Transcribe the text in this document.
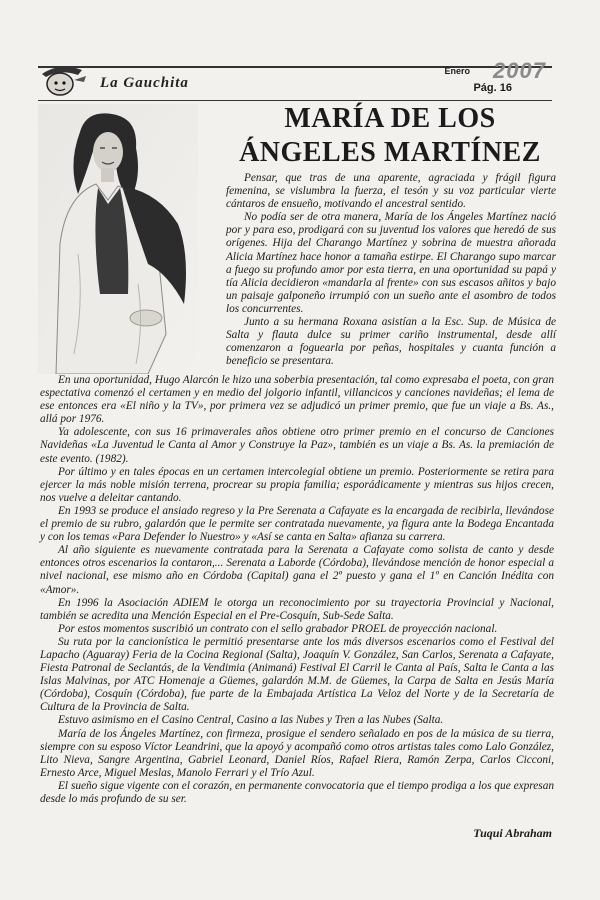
La Gauchita
Enero 2007
Pág. 16
MARÍA DE LOS
ÁNGELES MARTÍNEZ

Pensar, que tras de una aparente, agraciada y frágil figura femenina, se vislumbra la fuerza, el tesón y su voz particular vierte cántaros de ensueño, motivando el ancestral sentido.

No podía ser de otra manera, María de los Ángeles Martínez nació por y para eso, prodigará con su juventud los valores que heredó de sus orígenes. Hija del Charango Martínez y sobrina de muestra añorada Alicia Martínez hace honor a tamaña estirpe. El Charango supo marcar a fuego su profundo amor por esta tierra, en una oportunidad su papá y tía Alicia decidieron «mandarla al frente» con sus escasos añitos y bajo un paisaje galponeño irrumpió con un sueño ante el asombro de todos los concurrentes.

Junto a su hermana Roxana asistían a la Esc. Sup. de Música de Salta y flauta dulce su primer cariño instrumental, desde allí comenzaron a foguearla por peñas, hospitales y cuanta función a beneficio se presentara.

En una oportunidad, Hugo Alarcón le hizo una soberbia presentación, tal como expresaba el poeta, con gran espectativa comenzó el certamen y en medio del jolgorio infantil, villancicos y canciones navideñas; el lema de ese entonces era «El niño y la TV», por primera vez se adjudicó un primer premio, que fue un viaje a Bs. As., allá por 1976.

Ya adolescente, con sus 16 primaverales años obtiene otro primer premio en el concurso de Canciones Navideñas «La Juventud le Canta al Amor y Construye la Paz», también es un viaje a Bs. As. la premiación de este evento. (1982).

Por último y en tales épocas en un certamen intercolegial obtiene un premio. Posteriormente se retira para ejercer la más noble misión terrena, procrear su propia familia; esporádicamente y mientras sus hijos crecen, nos vuelve a deleitar cantando.

En 1993 se produce el ansiado regreso y la Pre Serenata a Cafayate es la encargada de recibirla, llevándose el premio de su rubro, galardón que le permite ser contratada nuevamente, ya figura ante la Bodega Encantada y con los temas «Para Defender lo Nuestro» y «Así se canta en Salta» afianza su carrera.

Al año siguiente es nuevamente contratada para la Serenata a Cafayate como solista de canto y desde entonces otros escenarios la contaron,... Serenata a Laborde (Córdoba), llevándose mención de honor especial a nivel nacional, ese mismo año en Córdoba (Capital) gana el 2º puesto y gana el 1º en Canción Inédita con «Amor».

En 1996 la Asociación ADIEM le otorga un reconocimiento por su trayectoria Provincial y Nacional, también se acredita una Mención Especial en el Pre-Cosquín, Sub-Sede Salta.

Por estos momentos suscribió un contrato con el sello grabador PROEL de proyección nacional.

Su ruta por la cancionística le permitió presentarse ante los más diversos escenarios como el Festival del Lapacho (Aguaray) Feria de la Cocina Regional (Salta), Joaquín V. González, San Carlos, Serenata a Cafayate, Fiesta Patronal de Seclantás, de la Vendimia (Animaná) Festival El Carril le Canta al País, Salta le Canta a las Islas Malvinas, por ATC Homenaje a Güemes, galardón M.M. de Güemes, la Carpa de Salta en Jesús María (Córdoba), Cosquín (Córdoba), fue parte de la Embajada Artística La Veloz del Norte y de la Secretaría de Cultura de la Provincia de Salta.

Estuvo asimismo en el Casino Central, Casino a las Nubes y Tren a las Nubes (Salta.

María de los Ángeles Martínez, con firmeza, prosigue el sendero señalado en pos de la música de su tierra, siempre con su esposo Víctor Leandrini, que la apoyó y acompañó como otros artistas tales como Lalo González, Lito Nieva, Sangre Argentina, Gabriel Leonard, Daniel Ríos, Rafael Riera, Ramón Zerpa, Carlos Cicconi, Ernesto Arce, Miguel Meslas, Manolo Ferrari y el Trío Azul.

El sueño sigue vigente con el corazón, en permanente convocatoria que el tiempo prodiga a los que expresan desde lo más profundo de su ser.

Tuqui Abraham
